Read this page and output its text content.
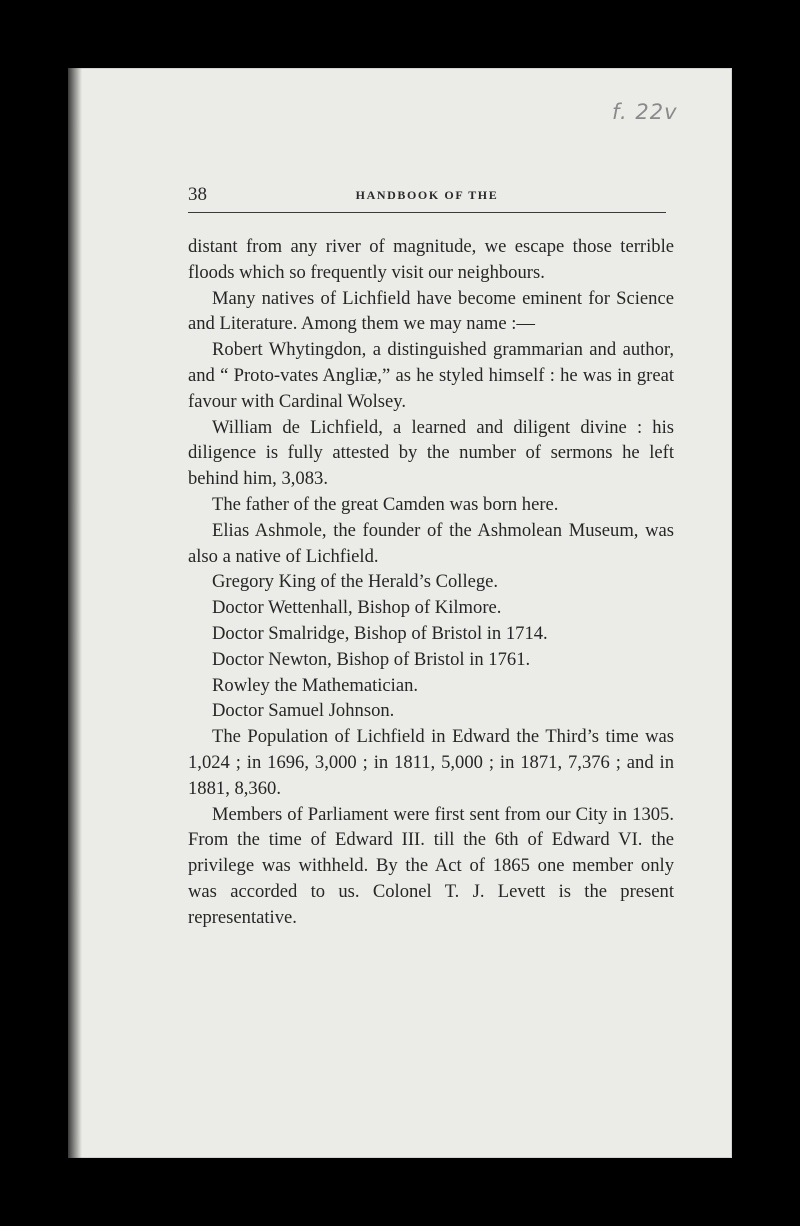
f. 22v
38	HANDBOOK OF THE

distant from any river of magnitude, we escape those terrible floods which so frequently visit our neighbours.

Many natives of Lichfield have become eminent for Science and Literature. Among them we may name :—

Robert Whytingdon, a distinguished grammarian and author, and “ Proto-vates Angliæ,” as he styled himself : he was in great favour with Cardinal Wolsey.

William de Lichfield, a learned and diligent divine : his diligence is fully attested by the number of sermons he left behind him, 3,083.

The father of the great Camden was born here.

Elias Ashmole, the founder of the Ashmolean Museum, was also a native of Lichfield.

Gregory King of the Herald’s College.

Doctor Wettenhall, Bishop of Kilmore.

Doctor Smalridge, Bishop of Bristol in 1714.

Doctor Newton, Bishop of Bristol in 1761.

Rowley the Mathematician.

Doctor Samuel Johnson.

The Population of Lichfield in Edward the Third’s time was 1,024 ; in 1696, 3,000 ; in 1811, 5,000 ; in 1871, 7,376 ; and in 1881, 8,360.

Members of Parliament were first sent from our City in 1305. From the time of Edward III. till the 6th of Edward VI. the privilege was withheld. By the Act of 1865 one member only was accorded to us. Colonel T. J. Levett is the present representative.
